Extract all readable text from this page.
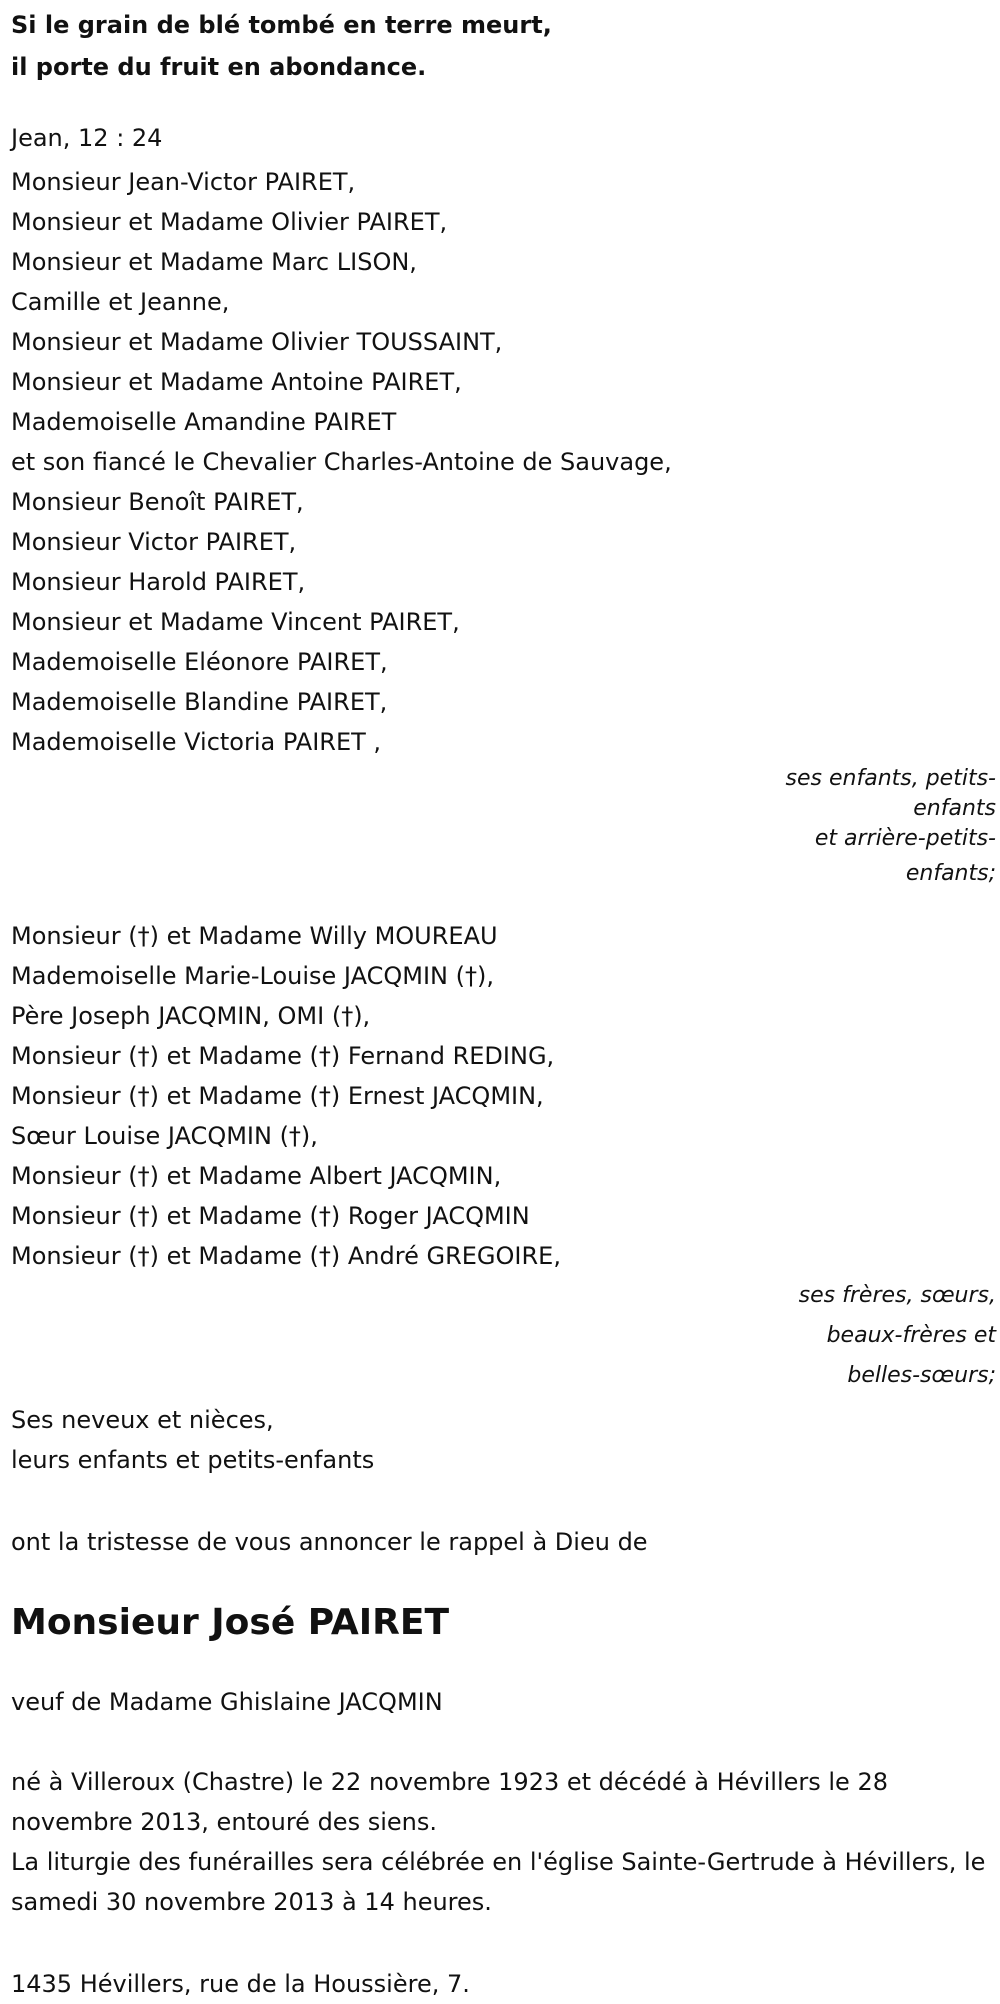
Si le grain de blé tombé en terre meurt,
il porte du fruit en abondance.
Jean, 12 : 24
Monsieur Jean-Victor PAIRET,
Monsieur et Madame Olivier PAIRET,
Monsieur et Madame Marc LISON,
Camille et Jeanne,
Monsieur et Madame Olivier TOUSSAINT,
Monsieur et Madame Antoine PAIRET,
Mademoiselle Amandine PAIRET
et son fiancé le Chevalier Charles-Antoine de Sauvage,
Monsieur Benoît PAIRET,
Monsieur Victor PAIRET,
Monsieur Harold PAIRET,
Monsieur et Madame Vincent PAIRET,
Mademoiselle Eléonore PAIRET,
Mademoiselle Blandine PAIRET,
Mademoiselle Victoria PAIRET ,
ses enfants, petits-
enfants
et arrière-petits-
enfants;
Monsieur (†) et Madame Willy MOUREAU
Mademoiselle Marie-Louise JACQMIN (†),
Père Joseph JACQMIN, OMI (†),
Monsieur (†) et Madame (†) Fernand REDING,
Monsieur (†) et Madame (†) Ernest JACQMIN,
Sœur Louise JACQMIN (†),
Monsieur (†) et Madame Albert JACQMIN,
Monsieur (†) et Madame (†) Roger JACQMIN
Monsieur (†) et Madame (†) André GREGOIRE,
ses frères, sœurs,
beaux-frères et
belles-sœurs;
Ses neveux et nièces,
leurs enfants et petits-enfants
ont la tristesse de vous annoncer le rappel à Dieu de
Monsieur José PAIRET
veuf de Madame Ghislaine JACQMIN
né à Villeroux (Chastre) le 22 novembre 1923 et décédé à Hévillers le 28 novembre 2013, entouré des siens.
La liturgie des funérailles sera célébrée en l'église Sainte-Gertrude à Hévillers, le samedi 30 novembre 2013 à 14 heures.
1435 Hévillers, rue de la Houssière, 7.
